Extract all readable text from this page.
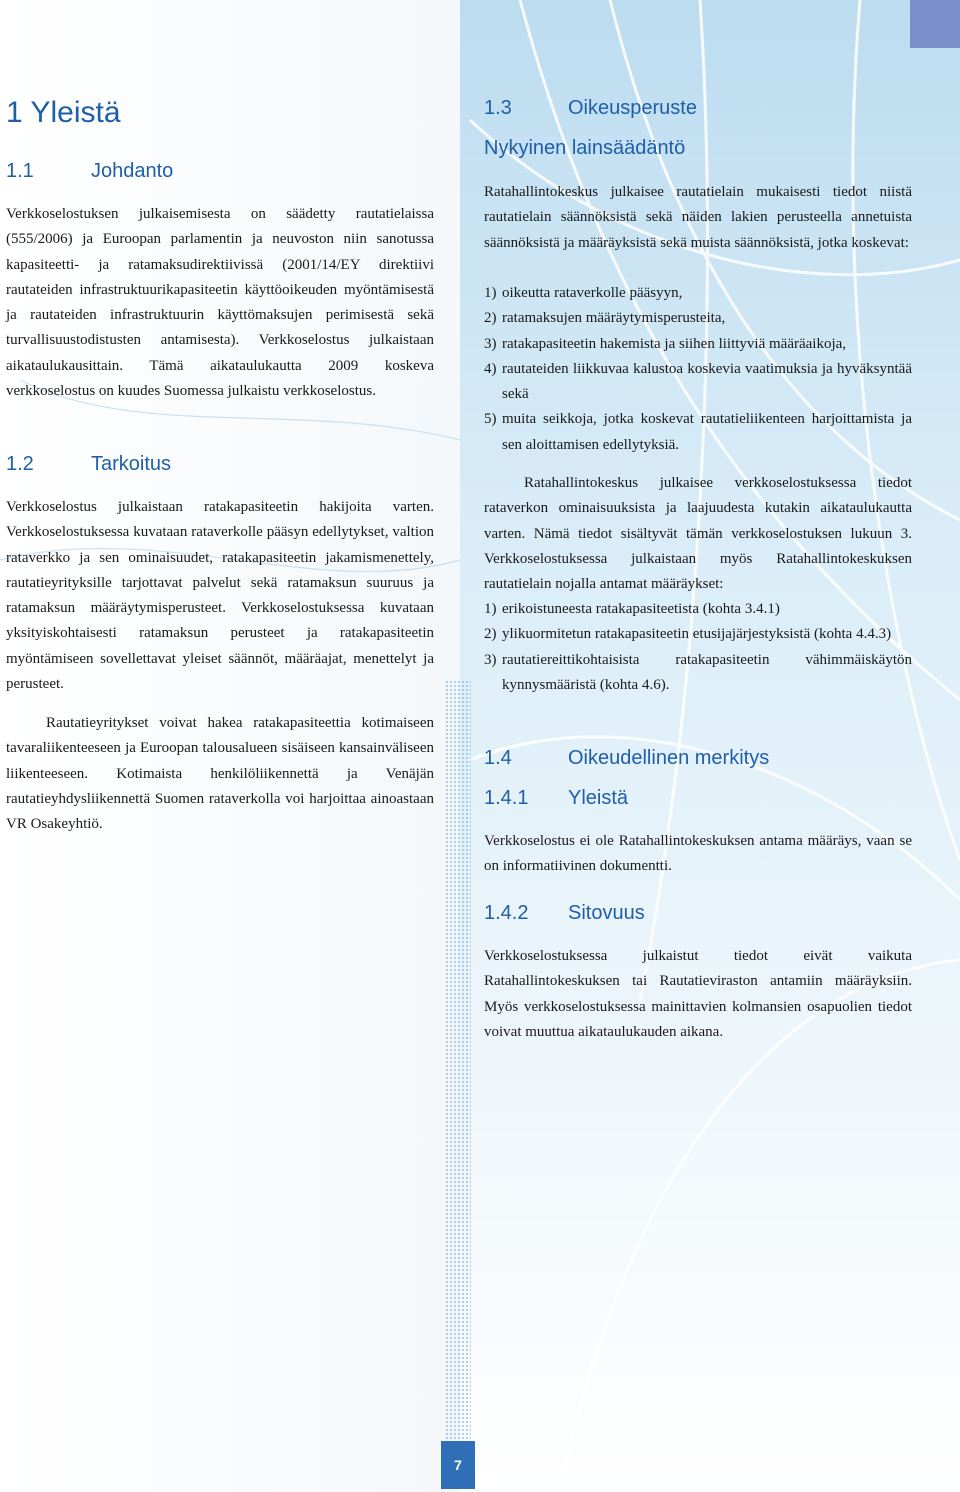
1 Yleistä
1.1	Johdanto

Verkkoselostuksen julkaisemisesta on säädetty rautatielaissa (555/2006) ja Euroopan parlamentin ja neuvoston niin sanotussa kapasiteetti- ja ratamaksudirektiivissä (2001/14/EY direktiivi rautateiden infrastruktuurikapasiteetin käyttöoikeuden myöntämisestä ja rautateiden infrastruktuurin käyttömaksujen perimisestä sekä turvallisuustodistusten antamisesta). Verkkoselostus julkaistaan aikataulukausittain. Tämä aikataulukautta 2009 koskeva verkkoselostus on kuudes Suomessa julkaistu verkkoselostus.

1.2	Tarkoitus

Verkkoselostus julkaistaan ratakapasiteetin hakijoita varten. Verkkoselostuksessa kuvataan rataverkolle pääsyn edellytykset, valtion rataverkko ja sen ominaisuudet, ratakapasiteetin jakamismenettely, rautatieyrityksille tarjottavat palvelut sekä ratamaksun suuruus ja ratamaksun määräytymisperusteet. Verkkoselostuksessa kuvataan yksityiskohtaisesti ratamaksun perusteet ja ratakapasiteetin myöntämiseen sovellettavat yleiset säännöt, määräajat, menettelyt ja perusteet.

Rautatieyritykset voivat hakea ratakapasiteettia kotimaiseen tavaraliikenteeseen ja Euroopan talousalueen sisäiseen kansainväliseen liikenteeseen. Kotimaista henkilöliikennettä ja Venäjän rautatieyhdysliikennettä Suomen rataverkolla voi harjoittaa ainoastaan VR Osakeyhtiö.

1.3	Oikeusperuste
Nykyinen lainsäädäntö

Ratahallintokeskus julkaisee rautatielain mukaisesti tiedot niistä rautatielain säännöksistä sekä näiden lakien perusteella annetuista säännöksistä ja määräyksistä sekä muista säännöksistä, jotka koskevat:

1) oikeutta rataverkolle pääsyyn,
2) ratamaksujen määräytymisperusteita,
3) ratakapasiteetin hakemista ja siihen liittyviä määräaikoja,
4) rautateiden liikkuvaa kalustoa koskevia vaatimuksia ja hyväksyntää sekä
5) muita seikkoja, jotka koskevat rautatieliikenteen harjoittamista ja sen aloittamisen edellytyksiä.

Ratahallintokeskus julkaisee verkkoselostuksessa tiedot rataverkon ominaisuuksista ja laajuudesta kutakin aikataulukautta varten. Nämä tiedot sisältyvät tämän verkkoselostuksen lukuun 3. Verkkoselostuksessa julkaistaan myös Ratahallintokeskuksen rautatielain nojalla antamat määräykset:

1) erikoistuneesta ratakapasiteetista (kohta 3.4.1)
2) ylikuormitetun ratakapasiteetin etusijajärjestyksistä (kohta 4.4.3)
3) rautatiereittikohtaisista ratakapasiteetin vähimmäiskäytön kynnysmääristä (kohta 4.6).
1.4	Oikeudellinen merkitys
1.4.1 Yleistä

Verkkoselostus ei ole Ratahallintokeskuksen antama määräys, vaan se on informatiivinen dokumentti.

1.4.2 Sitovuus

Verkkoselostuksessa julkaistut tiedot eivät vaikuta Ratahallintokeskuksen tai Rautatieviraston antamiin määräyksiin. Myös verkkoselostuksessa mainittavien kolmansien osapuolien tiedot voivat muuttua aikataulukauden aikana.

7
